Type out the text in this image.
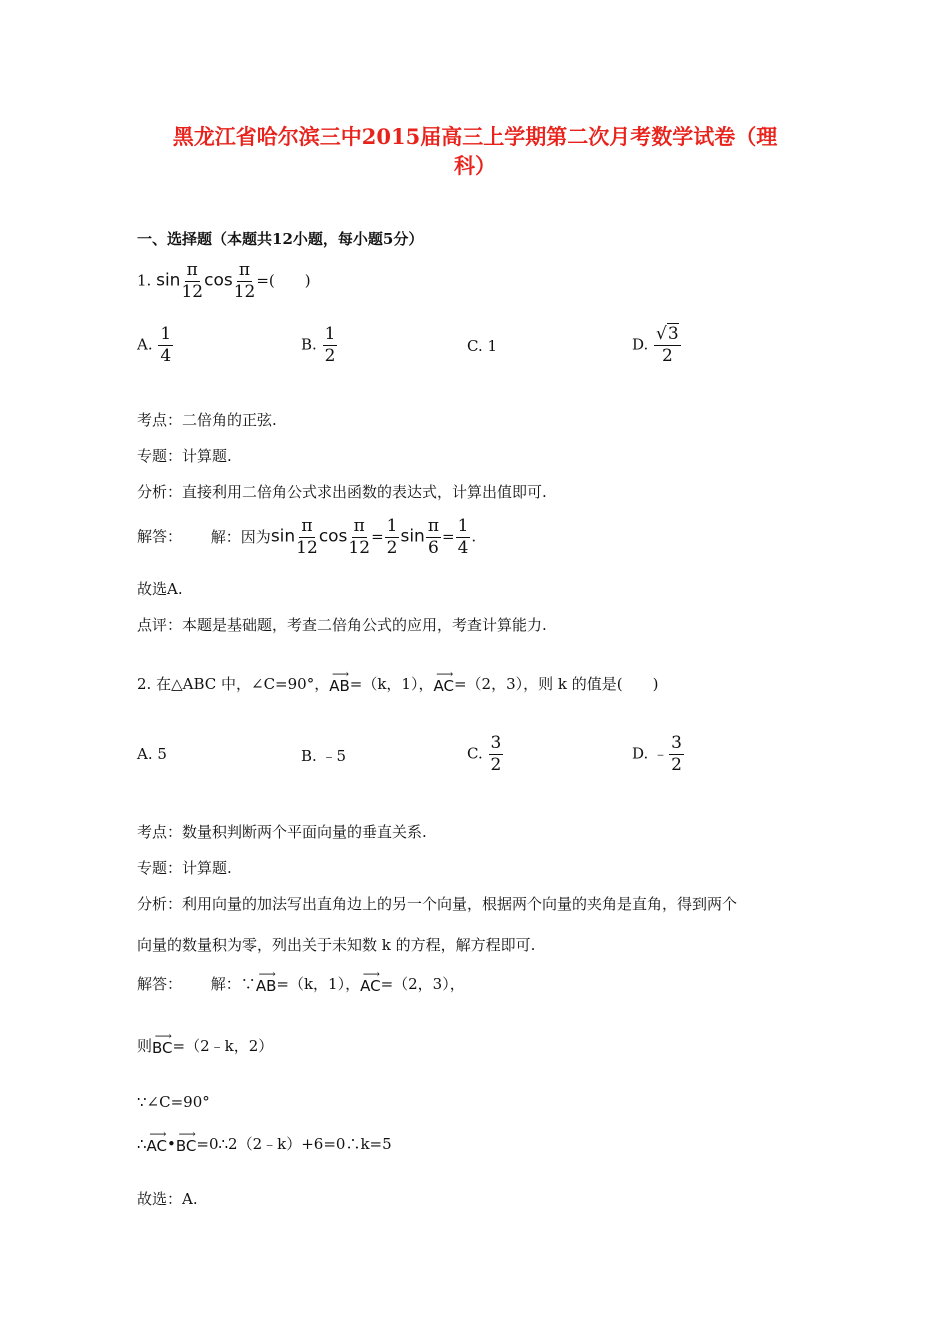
黑龙江省哈尔滨三中2015届高三上学期第二次月考数学试卷（理
科）
一、选择题（本题共12小题，每小题5分）
1. $\sin \frac{\pi}{12}$ $\cos \frac{\pi}{12}$ =(　　)
A. $\frac{1}{4}$	B. $\frac{1}{2}$	C. 1	D. $\frac{√3}{2}$
考点：二倍角的正弦.
专题：计算题.
分析：直接利用二倍角公式求出函数的表达式，计算出值即可.
解答： 解：因为$\sin \frac{\pi}{12}$ $\cos \frac{\pi}{12} = \frac{1}{2}$ $\sin \frac{\pi}{6} = \frac{1}{4}$ .
故选A.
点评：本题是基础题，考查二倍角公式的应用，考查计算能力.
2. 在△ABC 中，∠C=90°，
⟶
AB =（k，1），
⟶
AC =（2，3），则 k 的值是(　　)
A. 5	B. ﹣5	C. $\frac{3}{2}$	D. ﹣ $\frac{3}{2}$
考点：数量积判断两个平面向量的垂直关系.
专题：计算题.
分析：利用向量的加法写出直角边上的另一个向量，根据两个向量的夹角是直角，得到两个
向量的数量积为零，列出关于未知数 k 的方程，解方程即可.
解答： 解：∵
⟶
AB =（k，1），
⟶
AC =（2，3），
则
⟶
BC =（2﹣k，2）
∵∠C=90°
∴
⟶
AC •
⟶
BC =0∴2（2﹣k）+6=0∴k=5
故选：A.
